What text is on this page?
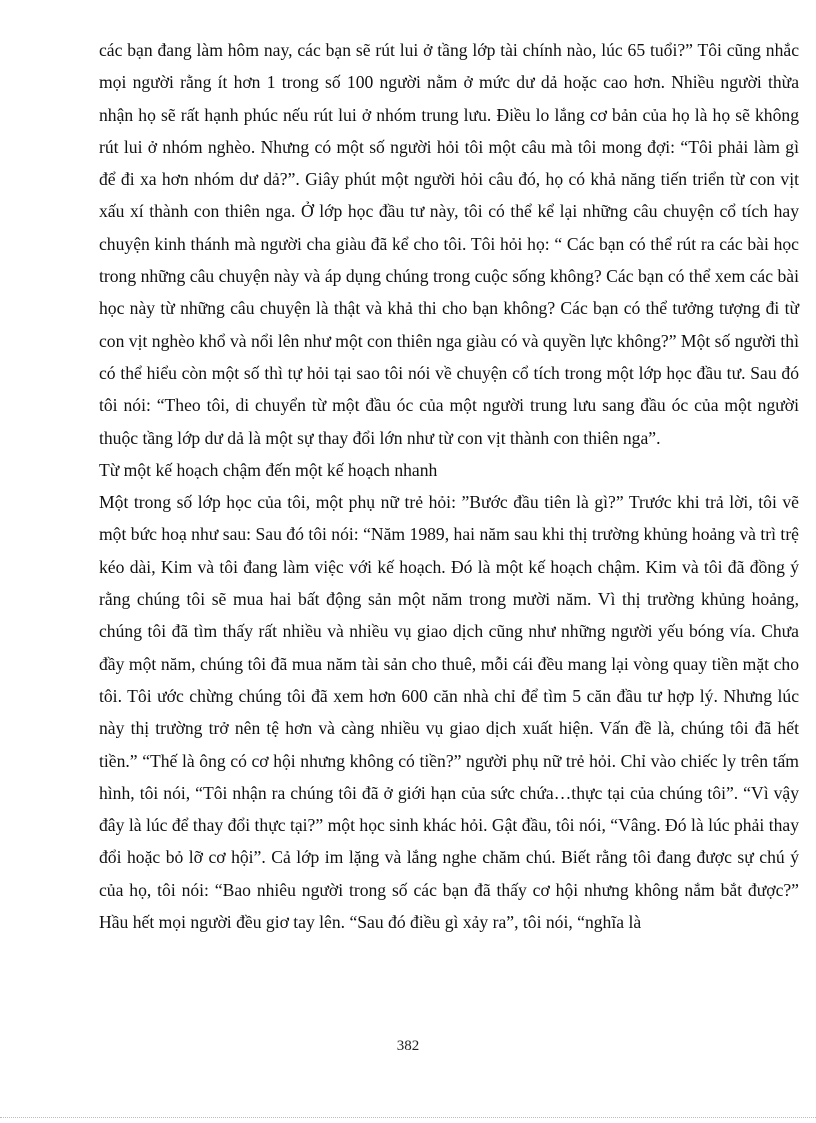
các bạn đang làm hôm nay, các bạn sẽ rút lui ở tầng lớp tài chính nào, lúc 65 tuổi?” Tôi cũng nhắc mọi người rằng ít hơn 1 trong số 100 người nằm ở mức dư dả hoặc cao hơn. Nhiều người thừa nhận họ sẽ rất hạnh phúc nếu rút lui ở nhóm trung lưu. Điều lo lắng cơ bản của họ là họ sẽ không rút lui ở nhóm nghèo. Nhưng có một số người hỏi tôi một câu mà tôi mong đợi: “Tôi phải làm gì để đi xa hơn nhóm dư dả?”. Giây phút một người hỏi câu đó, họ có khả năng tiến triển từ con vịt xấu xí thành con thiên nga. Ở lớp học đầu tư này, tôi có thể kể lại những câu chuyện cổ tích hay chuyện kinh thánh mà người cha giàu đã kể cho tôi. Tôi hỏi họ: “ Các bạn có thể rút ra các bài học trong những câu chuyện này và áp dụng chúng trong cuộc sống không? Các bạn có thể xem các bài học này từ những câu chuyện là thật và khả thi cho bạn không? Các bạn có thể tưởng tượng đi từ con vịt nghèo khổ và nổi lên như một con thiên nga giàu có và quyền lực không?” Một số người thì có thể hiểu còn một số thì tự hỏi tại sao tôi nói về chuyện cổ tích trong một lớp học đầu tư. Sau đó tôi nói: “Theo tôi, di chuyển từ một đầu óc của một người trung lưu sang đầu óc của một người thuộc tầng lớp dư dả là một sự thay đổi lớn như từ con vịt thành con thiên nga”.

Từ một kế hoạch chậm đến một kế hoạch nhanh

Một trong số lớp học của tôi, một phụ nữ trẻ hỏi: ”Bước đầu tiên là gì?” Trước khi trả lời, tôi vẽ một bức hoạ như sau: Sau đó tôi nói: “Năm 1989, hai năm sau khi thị trường khủng hoảng và trì trệ kéo dài, Kim và tôi đang làm việc với kế hoạch. Đó là một kế hoạch chậm. Kim và tôi đã đồng ý rằng chúng tôi sẽ mua hai bất động sản một năm trong mười năm. Vì thị trường khủng hoảng, chúng tôi đã tìm thấy rất nhiều và nhiều vụ giao dịch cũng như những người yếu bóng vía. Chưa đầy một năm, chúng tôi đã mua năm tài sản cho thuê, mỗi cái đều mang lại vòng quay tiền mặt cho tôi. Tôi ước chừng chúng tôi đã xem hơn 600 căn nhà chỉ để tìm 5 căn đầu tư hợp lý. Nhưng lúc này thị trường trở nên tệ hơn và càng nhiều vụ giao dịch xuất hiện. Vấn đề là, chúng tôi đã hết tiền.” “Thế là ông có cơ hội nhưng không có tiền?” người phụ nữ trẻ hỏi. Chỉ vào chiếc ly trên tấm hình, tôi nói, “Tôi nhận ra chúng tôi đã ở giới hạn của sức chứa…thực tại của chúng tôi”. “Vì vậy đây là lúc để thay đổi thực tại?” một học sinh khác hỏi. Gật đầu, tôi nói, “Vâng. Đó là lúc phải thay đổi hoặc bỏ lỡ cơ hội”. Cả lớp im lặng và lắng nghe chăm chú. Biết rằng tôi đang được sự chú ý của họ, tôi nói: “Bao nhiêu người trong số các bạn đã thấy cơ hội nhưng không nắm bắt được?” Hầu hết mọi người đều giơ tay lên. “Sau đó điều gì xảy ra”, tôi nói, “nghĩa là

382
